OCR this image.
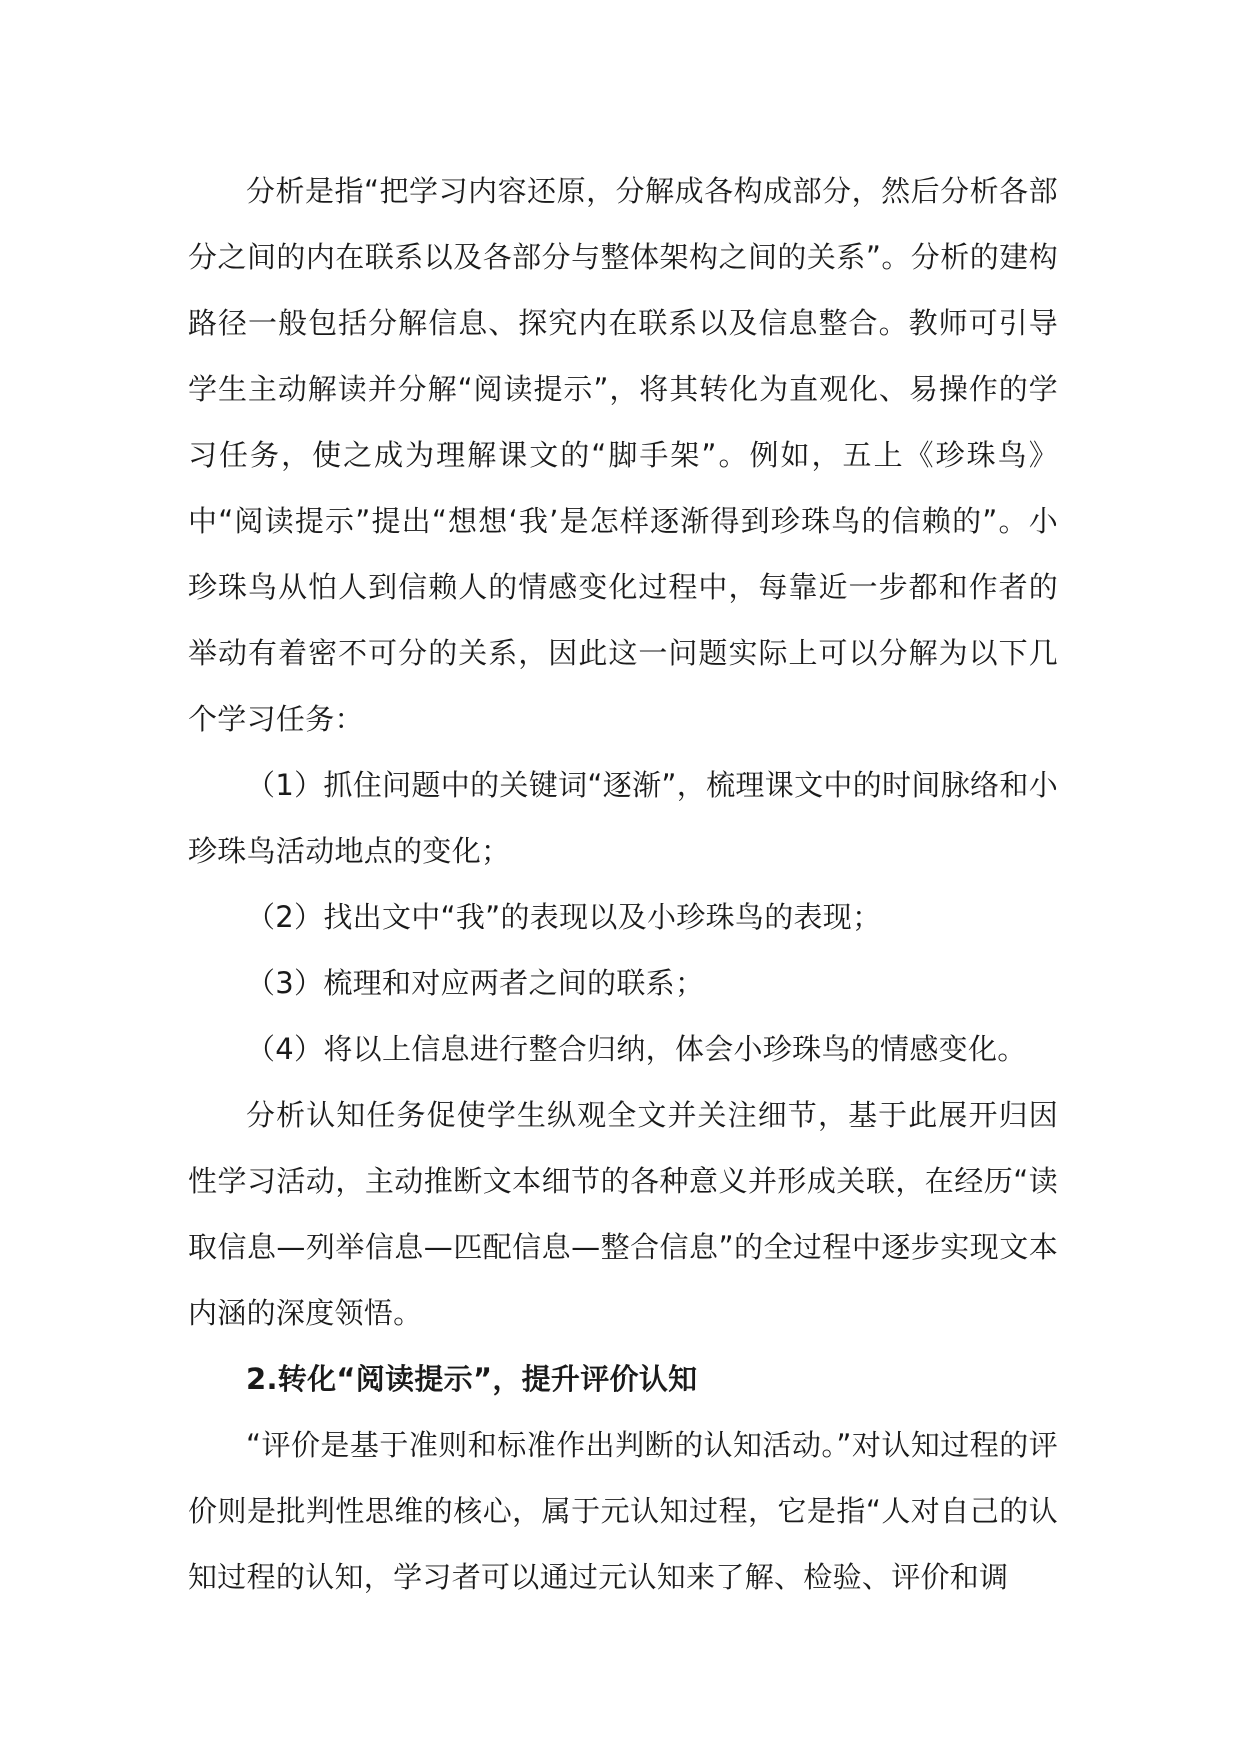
分析是指“把学习内容还原，分解成各构成部分，然后分析各部分之间的内在联系以及各部分与整体架构之间的关系”。分析的建构路径一般包括分解信息、探究内在联系以及信息整合。教师可引导学生主动解读并分解“阅读提示”，将其转化为直观化、易操作的学习任务，使之成为理解课文的“脚手架”。例如，五上《珍珠鸟》中“阅读提示”提出“想想‘我’是怎样逐渐得到珍珠鸟的信赖的”。小珍珠鸟从怕人到信赖人的情感变化过程中，每靠近一步都和作者的举动有着密不可分的关系，因此这一问题实际上可以分解为以下几个学习任务：

（1）抓住问题中的关键词“逐渐”，梳理课文中的时间脉络和小珍珠鸟活动地点的变化；

（2）找出文中“我”的表现以及小珍珠鸟的表现；

（3）梳理和对应两者之间的联系；

（4）将以上信息进行整合归纳，体会小珍珠鸟的情感变化。

分析认知任务促使学生纵观全文并关注细节，基于此展开归因性学习活动，主动推断文本细节的各种意义并形成关联，在经历“读取信息—列举信息—匹配信息—整合信息”的全过程中逐步实现文本内涵的深度领悟。

2.转化“阅读提示”，提升评价认知

“评价是基于准则和标准作出判断的认知活动。”对认知过程的评价则是批判性思维的核心，属于元认知过程，它是指“人对自己的认知过程的认知，学习者可以通过元认知来了解、检验、评价和调
